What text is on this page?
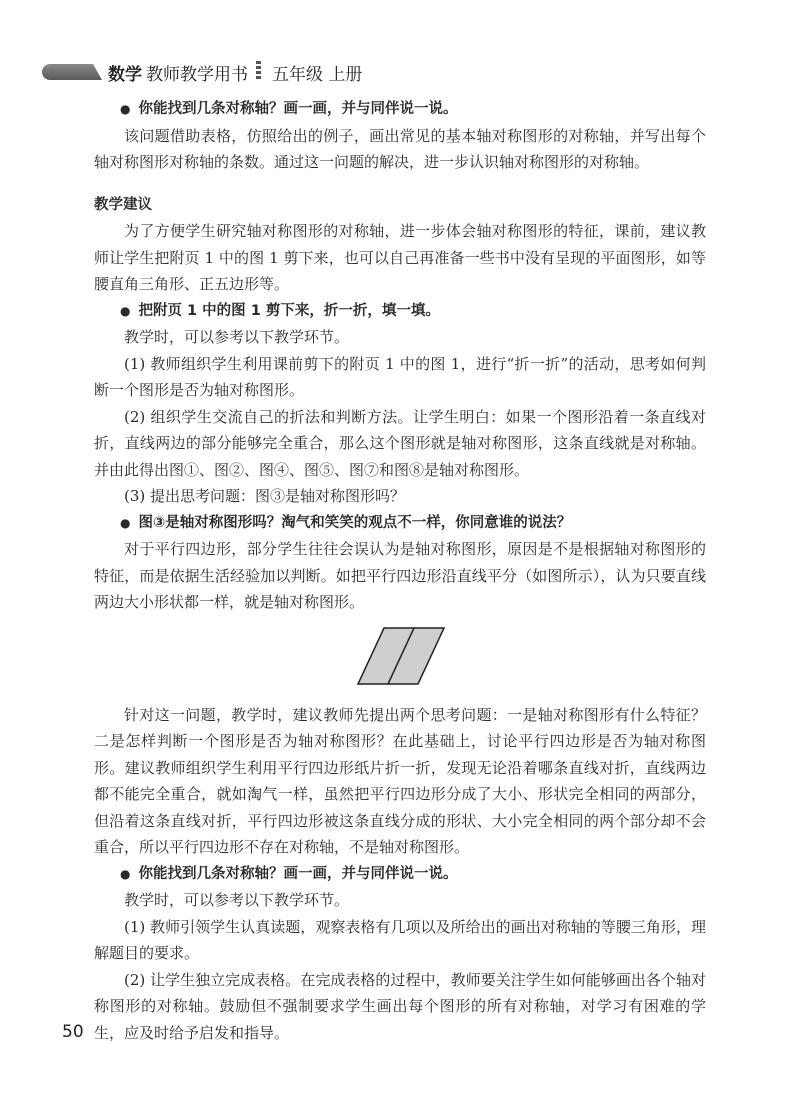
数学 教师教学用书 五年级 上册

● 你能找到几条对称轴？画一画，并与同伴说一说。

该问题借助表格，仿照给出的例子，画出常见的基本轴对称图形的对称轴，并写出每个轴对称图形对称轴的条数。通过这一问题的解决，进一步认识轴对称图形的对称轴。

教学建议

为了方便学生研究轴对称图形的对称轴，进一步体会轴对称图形的特征，课前，建议教师让学生把附页 1 中的图 1 剪下来，也可以自己再准备一些书中没有呈现的平面图形，如等腰直角三角形、正五边形等。

● 把附页 1 中的图 1 剪下来，折一折，填一填。

教学时，可以参考以下教学环节。

(1) 教师组织学生利用课前剪下的附页 1 中的图 1，进行“折一折”的活动，思考如何判断一个图形是否为轴对称图形。

(2) 组织学生交流自己的折法和判断方法。让学生明白：如果一个图形沿着一条直线对折，直线两边的部分能够完全重合，那么这个图形就是轴对称图形，这条直线就是对称轴。并由此得出图①、图②、图④、图⑤、图⑦和图⑧是轴对称图形。

(3) 提出思考问题：图③是轴对称图形吗？

● 图③是轴对称图形吗？淘气和笑笑的观点不一样，你同意谁的说法？

对于平行四边形，部分学生往往会误认为是轴对称图形，原因是不是根据轴对称图形的特征，而是依据生活经验加以判断。如把平行四边形沿直线平分（如图所示），认为只要直线两边大小形状都一样，就是轴对称图形。

针对这一问题，教学时，建议教师先提出两个思考问题：一是轴对称图形有什么特征？二是怎样判断一个图形是否为轴对称图形？在此基础上，讨论平行四边形是否为轴对称图形。建议教师组织学生利用平行四边形纸片折一折，发现无论沿着哪条直线对折，直线两边都不能完全重合，就如淘气一样，虽然把平行四边形分成了大小、形状完全相同的两部分，但沿着这条直线对折，平行四边形被这条直线分成的形状、大小完全相同的两个部分却不会重合，所以平行四边形不存在对称轴，不是轴对称图形。

● 你能找到几条对称轴？画一画，并与同伴说一说。

教学时，可以参考以下教学环节。

(1) 教师引领学生认真读题，观察表格有几项以及所给出的画出对称轴的等腰三角形，理解题目的要求。

(2) 让学生独立完成表格。在完成表格的过程中，教师要关注学生如何能够画出各个轴对称图形的对称轴。鼓励但不强制要求学生画出每个图形的所有对称轴，对学习有困难的学生，应及时给予启发和指导。

50
